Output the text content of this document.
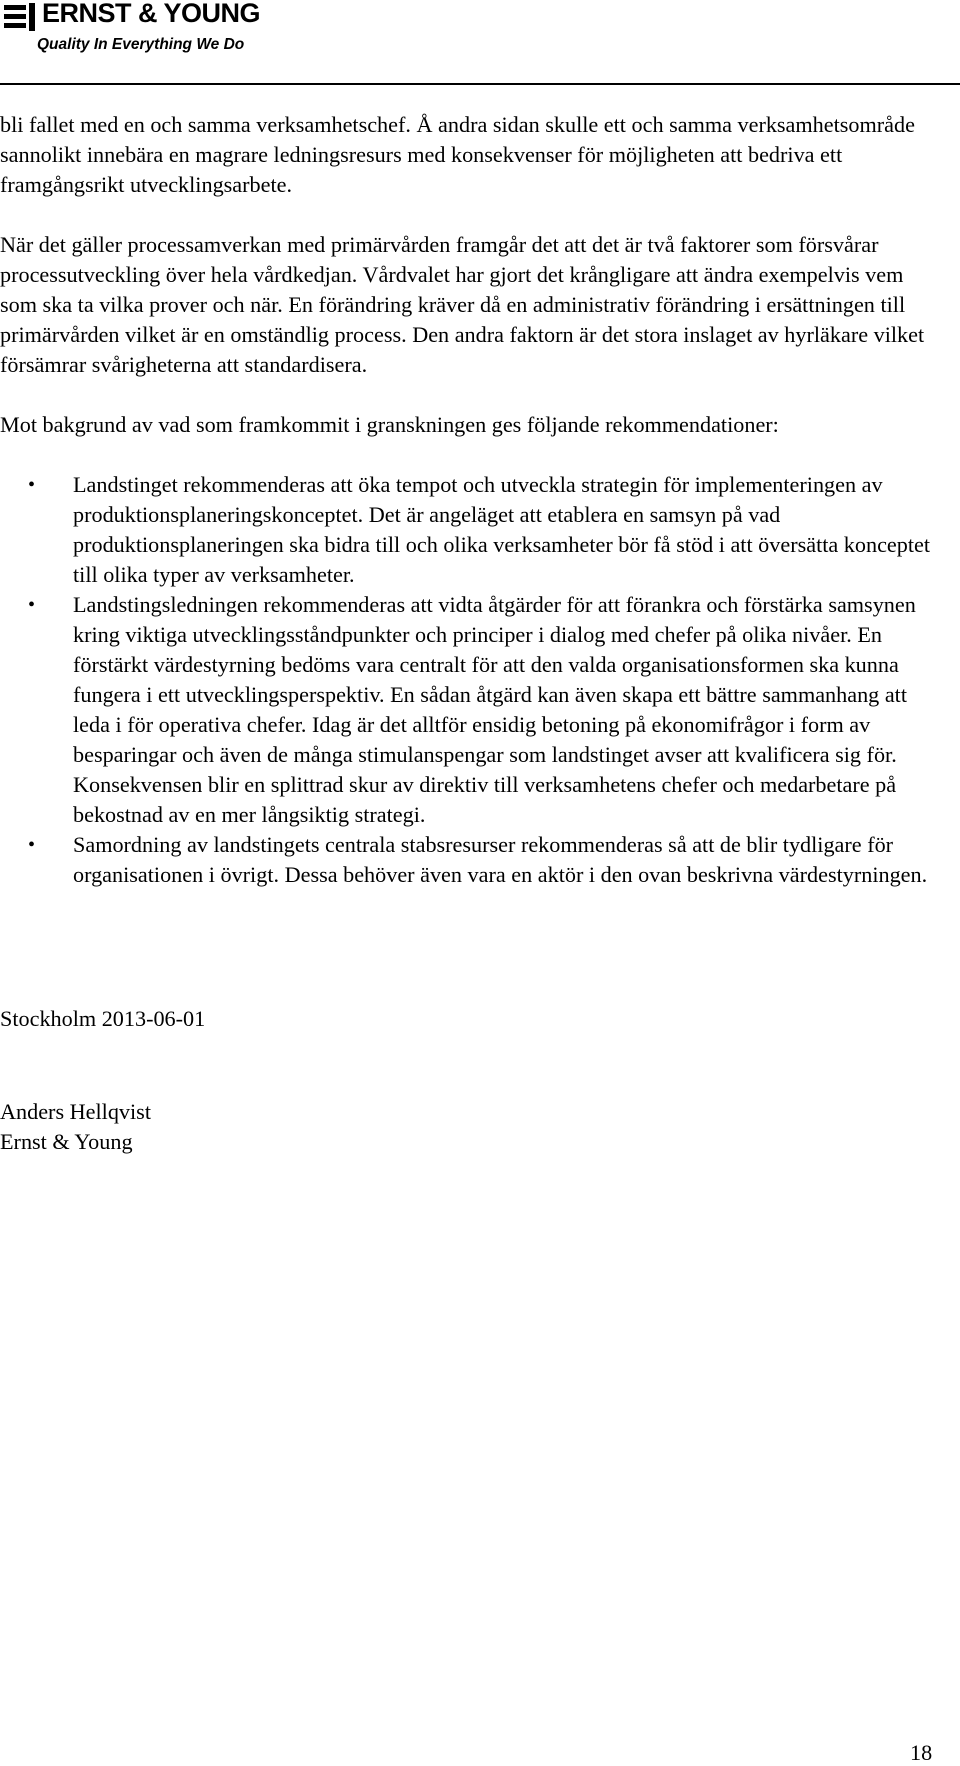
ERNST & YOUNG
Quality In Everything We Do

bli fallet med en och samma verksamhetschef. Å andra sidan skulle ett och samma verksamhetsområde sannolikt innebära en magrare ledningsresurs med konsekvenser för möjligheten att bedriva ett framgångsrikt utvecklingsarbete.

När det gäller processamverkan med primärvården framgår det att det är två faktorer som försvårar processutveckling över hela vårdkedjan. Vårdvalet har gjort det krångligare att ändra exempelvis vem som ska ta vilka prover och när. En förändring kräver då en administrativ förändring i ersättningen till primärvården vilket är en omständlig process. Den andra faktorn är det stora inslaget av hyrläkare vilket försämrar svårigheterna att standardisera.

Mot bakgrund av vad som framkommit i granskningen ges följande rekommendationer:

• Landstinget rekommenderas att öka tempot och utveckla strategin för implementeringen av produktionsplaneringskonceptet. Det är angeläget att etablera en samsyn på vad produktionsplaneringen ska bidra till och olika verksamheter bör få stöd i att översätta konceptet till olika typer av verksamheter.
• Landstingsledningen rekommenderas att vidta åtgärder för att förankra och förstärka samsynen kring viktiga utvecklingsståndpunkter och principer i dialog med chefer på olika nivåer. En förstärkt värdestyrning bedöms vara centralt för att den valda organisationsformen ska kunna fungera i ett utvecklingsperspektiv. En sådan åtgärd kan även skapa ett bättre sammanhang att leda i för operativa chefer. Idag är det alltför ensidig betoning på ekonomifrågor i form av besparingar och även de många stimulanspengar som landstinget avser att kvalificera sig för. Konsekvensen blir en splittrad skur av direktiv till verksamhetens chefer och medarbetare på bekostnad av en mer långsiktig strategi.
• Samordning av landstingets centrala stabsresurser rekommenderas så att de blir tydligare för organisationen i övrigt. Dessa behöver även vara en aktör i den ovan beskrivna värdestyrningen.
Stockholm 2013-06-01
Anders Hellqvist
Ernst & Young
18
